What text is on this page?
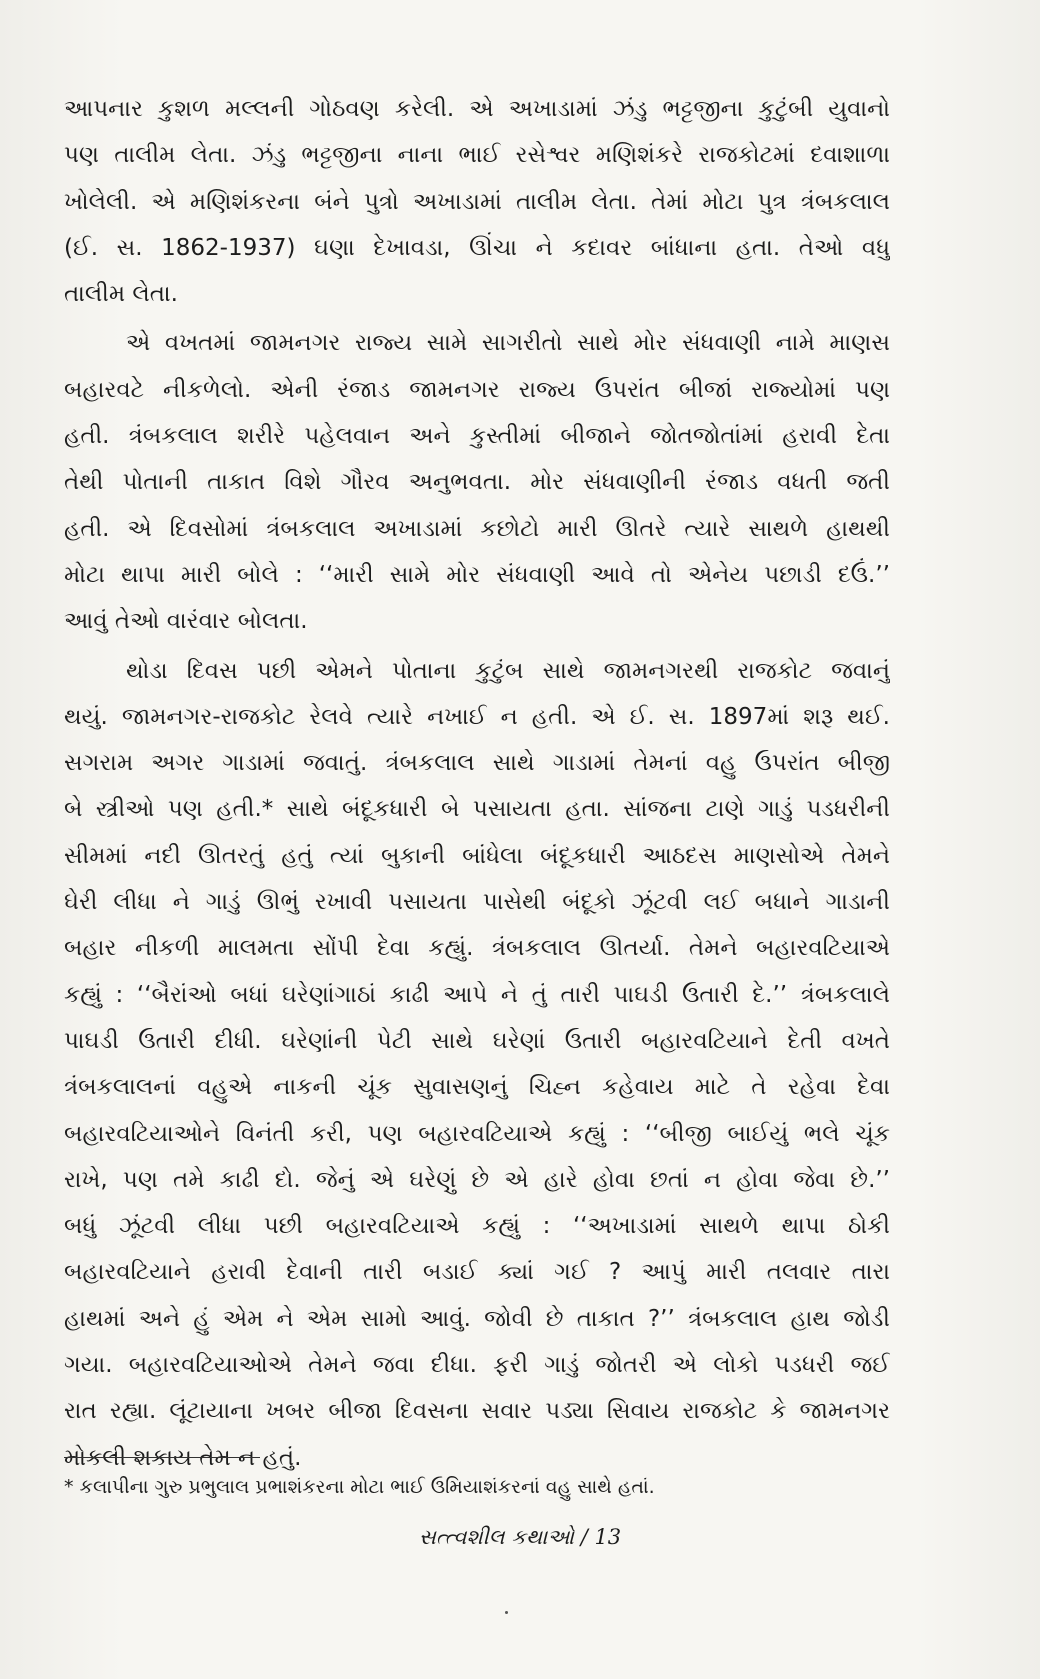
આપનાર કુશળ મલ્લની ગોઠવણ કરેલી. એ અખાડામાં ઝંડુ ભટ્ટજીના કુટુંબી યુવાનો
પણ તાલીમ લેતા. ઝંડુ ભટ્ટજીના નાના ભાઈ રસેશ્વર મણિશંકરે રાજકોટમાં દવાશાળા
ખોલેલી. એ મણિશંકરના બંને પુત્રો અખાડામાં તાલીમ લેતા. તેમાં મોટા પુત્ર ત્રંબકલાલ
(ઈ. સ. 1862-1937) ઘણા દેખાવડા, ઊંચા ને કદાવર બાંધાના હતા. તેઓ વધુ
તાલીમ લેતા.
એ વખતમાં જામનગર રાજ્ય સામે સાગરીતો સાથે મોર સંધવાણી નામે માણસ
બહારવટે નીકળેલો. એની રંજાડ જામનગર રાજ્ય ઉપરાંત બીજાં રાજ્યોમાં પણ
હતી. ત્રંબકલાલ શરીરે પહેલવાન અને કુસ્તીમાં બીજાને જોતજોતાંમાં હરાવી દેતા
તેથી પોતાની તાકાત વિશે ગૌરવ અનુભવતા. મોર સંધવાણીની રંજાડ વધતી જતી
હતી. એ દિવસોમાં ત્રંબકલાલ અખાડામાં કછોટો મારી ઊતરે ત્યારે સાથળે હાથથી
મોટા થાપા મારી બોલે : ‘‘મારી સામે મોર સંધવાણી આવે તો એનેય પછાડી દઉં.’’
આવું તેઓ વારંવાર બોલતા.
થોડા દિવસ પછી એમને પોતાના કુટુંબ સાથે જામનગરથી રાજકોટ જવાનું
થયું. જામનગર-રાજકોટ રેલવે ત્યારે નખાઈ ન હતી. એ ઈ. સ. 1897માં શરૂ થઈ.
સગરામ અગર ગાડામાં જવાતું. ત્રંબકલાલ સાથે ગાડામાં તેમનાં વહુ ઉપરાંત બીજી
બે સ્ત્રીઓ પણ હતી.* સાથે બંદૂકધારી બે પસાયતા હતા. સાંજના ટાણે ગાડું પડધરીની
સીમમાં નદી ઊતરતું હતું ત્યાં બુકાની બાંધેલા બંદૂકધારી આઠદસ માણસોએ તેમને
ઘેરી લીધા ને ગાડું ઊભું રખાવી પસાયતા પાસેથી બંદૂકો ઝૂંટવી લઈ બધાને ગાડાની
બહાર નીકળી માલમતા સોંપી દેવા કહ્યું. ત્રંબકલાલ ઊતર્યા. તેમને બહારવટિયાએ
કહ્યું : ‘‘બૈરાંઓ બધાં ઘરેણાંગાઠાં કાઢી આપે ને તું તારી પાઘડી ઉતારી દે.’’ ત્રંબકલાલે
પાઘડી ઉતારી દીધી. ઘરેણાંની પેટી સાથે ઘરેણાં ઉતારી બહારવટિયાને દેતી વખતે
ત્રંબકલાલનાં વહુએ નાકની ચૂંક સુવાસણનું ચિહ્ન કહેવાય માટે તે રહેવા દેવા
બહારવટિયાઓને વિનંતી કરી, પણ બહારવટિયાએ કહ્યું : ‘‘બીજી બાઈયું ભલે ચૂંક
રાખે, પણ તમે કાઢી દો. જેનું એ ઘરેણું છે એ હારે હોવા છતાં ન હોવા જેવા છે.’’
બધું ઝૂંટવી લીધા પછી બહારવટિયાએ કહ્યું : ‘‘અખાડામાં સાથળે થાપા ઠોકી
બહારવટિયાને હરાવી દેવાની તારી બડાઈ ક્યાં ગઈ ? આપું મારી તલવાર તારા
હાથમાં અને હું એમ ને એમ સામો આવું. જોવી છે તાકાત ?’’ ત્રંબકલાલ હાથ જોડી
ગયા. બહારવટિયાઓએ તેમને જવા દીધા. ફરી ગાડું જોતરી એ લોકો પડધરી જઈ
રાત રહ્યા. લૂંટાયાના ખબર બીજા દિવસના સવાર પડ્યા સિવાય રાજકોટ કે જામનગર
મોકલી શકાય તેમ ન હતું.
* કલાપીના ગુરુ પ્રભુલાલ પ્રભાશંકરના મોટા ભાઈ ઉમિયાશંકરનાં વહુ સાથે હતાં.
સત્ત્વશીલ કથાઓ / 13
